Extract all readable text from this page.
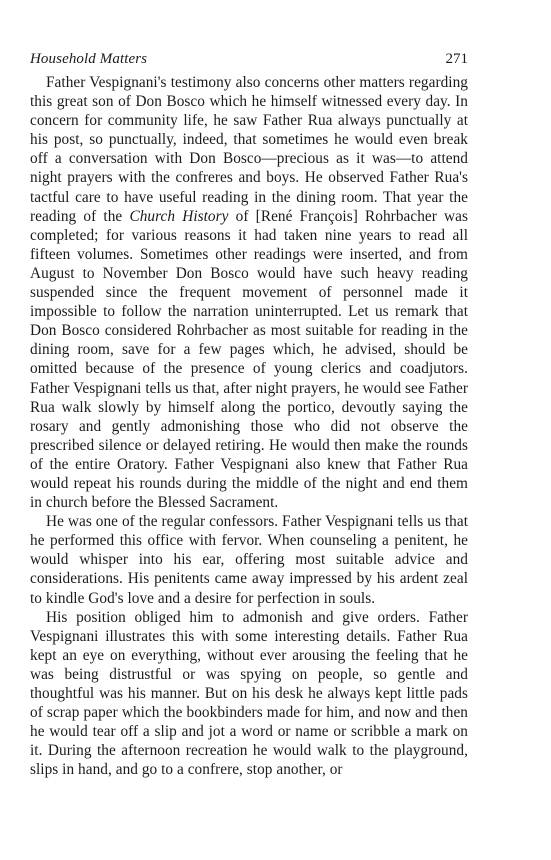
Household Matters	271

Father Vespignani's testimony also concerns other matters regarding this great son of Don Bosco which he himself witnessed every day. In concern for community life, he saw Father Rua always punctually at his post, so punctually, indeed, that sometimes he would even break off a conversation with Don Bosco—precious as it was—to attend night prayers with the confreres and boys. He observed Father Rua's tactful care to have useful reading in the dining room. That year the reading of the Church History of [René François] Rohrbacher was completed; for various reasons it had taken nine years to read all fifteen volumes. Sometimes other readings were inserted, and from August to November Don Bosco would have such heavy reading suspended since the frequent movement of personnel made it impossible to follow the narration uninterrupted. Let us remark that Don Bosco considered Rohrbacher as most suitable for reading in the dining room, save for a few pages which, he advised, should be omitted because of the presence of young clerics and coadjutors. Father Vespignani tells us that, after night prayers, he would see Father Rua walk slowly by himself along the portico, devoutly saying the rosary and gently admonishing those who did not observe the prescribed silence or delayed retiring. He would then make the rounds of the entire Oratory. Father Vespignani also knew that Father Rua would repeat his rounds during the middle of the night and end them in church before the Blessed Sacrament.

He was one of the regular confessors. Father Vespignani tells us that he performed this office with fervor. When counseling a penitent, he would whisper into his ear, offering most suitable advice and considerations. His penitents came away impressed by his ardent zeal to kindle God's love and a desire for perfection in souls.

His position obliged him to admonish and give orders. Father Vespignani illustrates this with some interesting details. Father Rua kept an eye on everything, without ever arousing the feeling that he was being distrustful or was spying on people, so gentle and thoughtful was his manner. But on his desk he always kept little pads of scrap paper which the bookbinders made for him, and now and then he would tear off a slip and jot a word or name or scribble a mark on it. During the afternoon recreation he would walk to the playground, slips in hand, and go to a confrere, stop another, or
